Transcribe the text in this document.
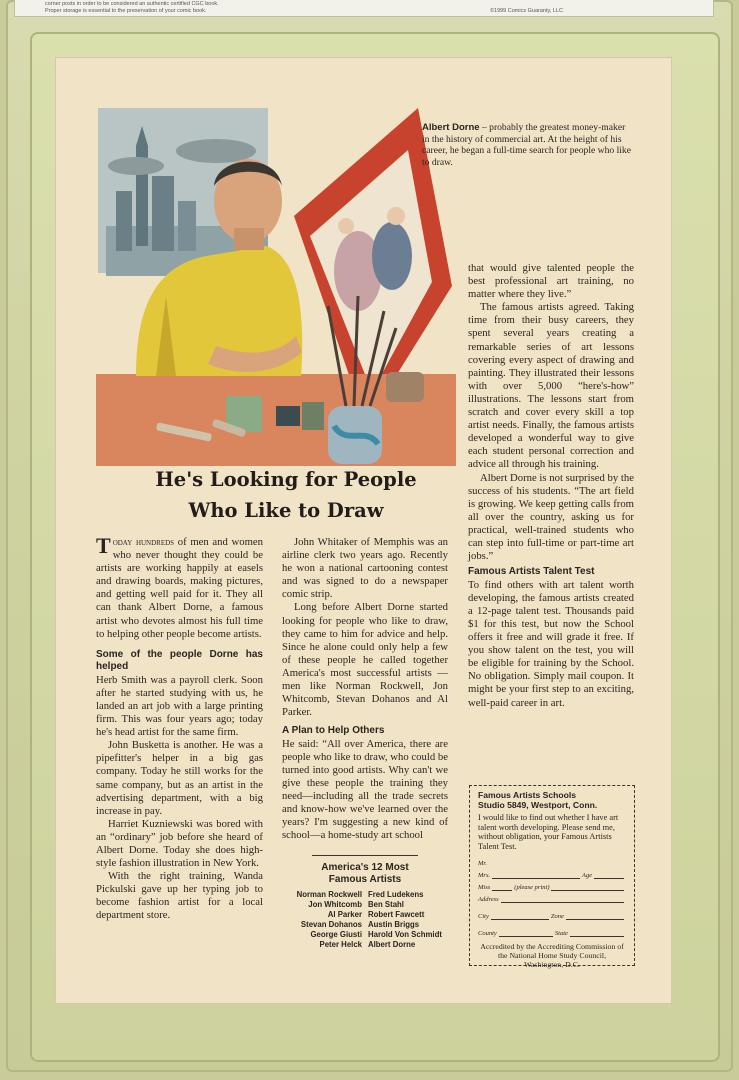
corner posts in order to be considered an authentic certified CGC book.
Proper storage is essential to the preservation of your comic book.	©1999 Comics Guaranty, LLC
Albert Dorne – probably the greatest money-maker in the history of commercial art. At the height of his career, he began a full-time search for people who like to draw.
He's Looking for People
Who Like to Draw

Today hundreds of men and women who never thought they could be artists are working happily at easels and drawing boards, making pictures, and getting well paid for it. They all can thank Albert Dorne, a famous artist who devotes almost his full time to helping other people become artists.

Some of the people Dorne has helped

Herb Smith was a payroll clerk. Soon after he started studying with us, he landed an art job with a large printing firm. This was four years ago; today he's head artist for the same firm.

John Busketta is another. He was a pipefitter's helper in a big gas company. Today he still works for the same company, but as an artist in the advertising department, with a big increase in pay.

Harriet Kuzniewski was bored with an “ordinary” job before she heard of Albert Dorne. Today she does high-style fashion illustration in New York.

With the right training, Wanda Pickulski gave up her typing job to become fashion artist for a local department store.

John Whitaker of Memphis was an airline clerk two years ago. Recently he won a national cartooning contest and was signed to do a newspaper comic strip.

Long before Albert Dorne started looking for people who like to draw, they came to him for advice and help. Since he alone could only help a few of these people he called together America's most successful artists —men like Norman Rockwell, Jon Whitcomb, Stevan Dohanos and Al Parker.

A Plan to Help Others

He said: “All over America, there are people who like to draw, who could be turned into good artists. Why can't we give these people the training they need—including all the trade secrets and know-how we've learned over the years? I'm suggesting a new kind of school—a home-study art school

America's 12 Most
Famous Artists
Norman Rockwell Fred Ludekens
Jon Whitcomb Ben Stahl
Al Parker Robert Fawcett
Stevan Dohanos Austin Briggs
George Giusti Harold Von Schmidt
Peter Helck Albert Dorne

that would give talented people the best professional art training, no matter where they live.”

The famous artists agreed. Taking time from their busy careers, they spent several years creating a remarkable series of art lessons covering every aspect of drawing and painting. They illustrated their lessons with over 5,000 “here's-how” illustrations. The lessons start from scratch and cover every skill a top artist needs. Finally, the famous artists developed a wonderful way to give each student personal correction and advice all through his training.

Albert Dorne is not surprised by the success of his students. “The art field is growing. We keep getting calls from all over the country, asking us for practical, well-trained students who can step into full-time or part-time art jobs.”

Famous Artists Talent Test

To find others with art talent worth developing, the famous artists created a 12-page talent test. Thousands paid $1 for this test, but now the School offers it free and will grade it free. If you show talent on the test, you will be eligible for training by the School. No obligation. Simply mail coupon. It might be your first step to an exciting, well-paid career in art.

Famous Artists Schools
Studio 5849, Westport, Conn.
I would like to find out whether I have art talent worth developing. Please send me, without obligation, your Famous Artists Talent Test.
Mr.
Mrs.	Age
Miss	(please print)
Address
City	Zone
County	State
Accredited by the Accrediting Commission of the National Home Study Council, Washington, D.C.
